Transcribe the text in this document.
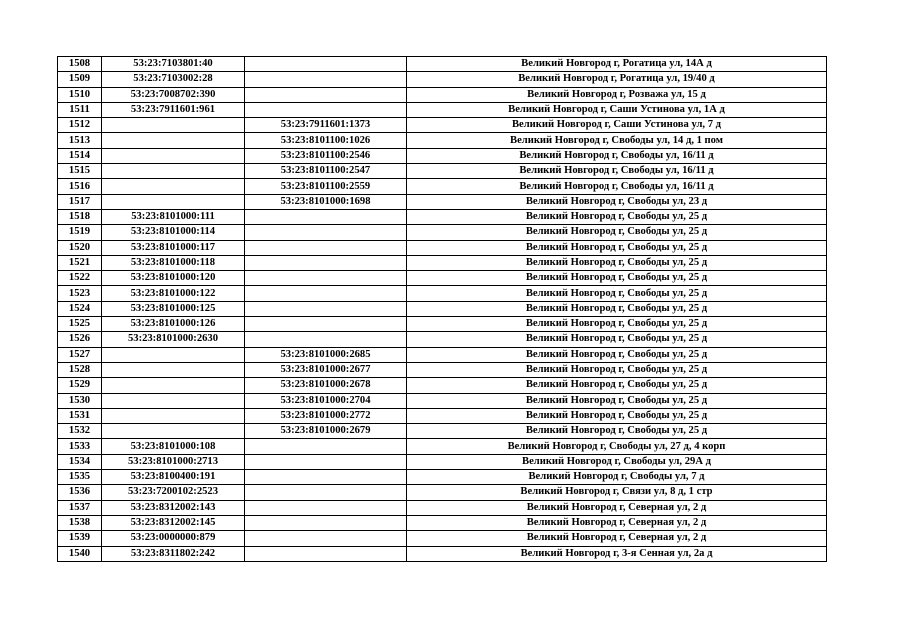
1508	53:23:7103801:40		Великий Новгород г, Рогатица ул, 14А д
1509	53:23:7103002:28		Великий Новгород г, Рогатица ул, 19/40 д
1510	53:23:7008702:390		Великий Новгород г, Розважа ул, 15 д
1511	53:23:7911601:961		Великий Новгород г, Саши Устинова ул, 1А д
1512		53:23:7911601:1373	Великий Новгород г, Саши Устинова ул, 7 д
1513		53:23:8101100:1026	Великий Новгород г, Свободы ул, 14 д, 1 пом
1514		53:23:8101100:2546	Великий Новгород г, Свободы ул, 16/11 д
1515		53:23:8101100:2547	Великий Новгород г, Свободы ул, 16/11 д
1516		53:23:8101100:2559	Великий Новгород г, Свободы ул, 16/11 д
1517		53:23:8101000:1698	Великий Новгород г, Свободы ул, 23 д
1518	53:23:8101000:111		Великий Новгород г, Свободы ул, 25 д
1519	53:23:8101000:114		Великий Новгород г, Свободы ул, 25 д
1520	53:23:8101000:117		Великий Новгород г, Свободы ул, 25 д
1521	53:23:8101000:118		Великий Новгород г, Свободы ул, 25 д
1522	53:23:8101000:120		Великий Новгород г, Свободы ул, 25 д
1523	53:23:8101000:122		Великий Новгород г, Свободы ул, 25 д
1524	53:23:8101000:125		Великий Новгород г, Свободы ул, 25 д
1525	53:23:8101000:126		Великий Новгород г, Свободы ул, 25 д
1526	53:23:8101000:2630		Великий Новгород г, Свободы ул, 25 д
1527		53:23:8101000:2685	Великий Новгород г, Свободы ул, 25 д
1528		53:23:8101000:2677	Великий Новгород г, Свободы ул, 25 д
1529		53:23:8101000:2678	Великий Новгород г, Свободы ул, 25 д
1530		53:23:8101000:2704	Великий Новгород г, Свободы ул, 25 д
1531		53:23:8101000:2772	Великий Новгород г, Свободы ул, 25 д
1532		53:23:8101000:2679	Великий Новгород г, Свободы ул, 25 д
1533	53:23:8101000:108		Великий Новгород г, Свободы ул, 27 д, 4 корп
1534	53:23:8101000:2713		Великий Новгород г, Свободы ул, 29А д
1535	53:23:8100400:191		Великий Новгород г, Свободы ул, 7 д
1536	53:23:7200102:2523		Великий Новгород г, Связи ул, 8 д, 1 стр
1537	53:23:8312002:143		Великий Новгород г, Северная ул, 2 д
1538	53:23:8312002:145		Великий Новгород г, Северная ул, 2 д
1539	53:23:0000000:879		Великий Новгород г, Северная ул, 2 д
1540	53:23:8311802:242		Великий Новгород г, 3-я Сенная ул, 2а д
